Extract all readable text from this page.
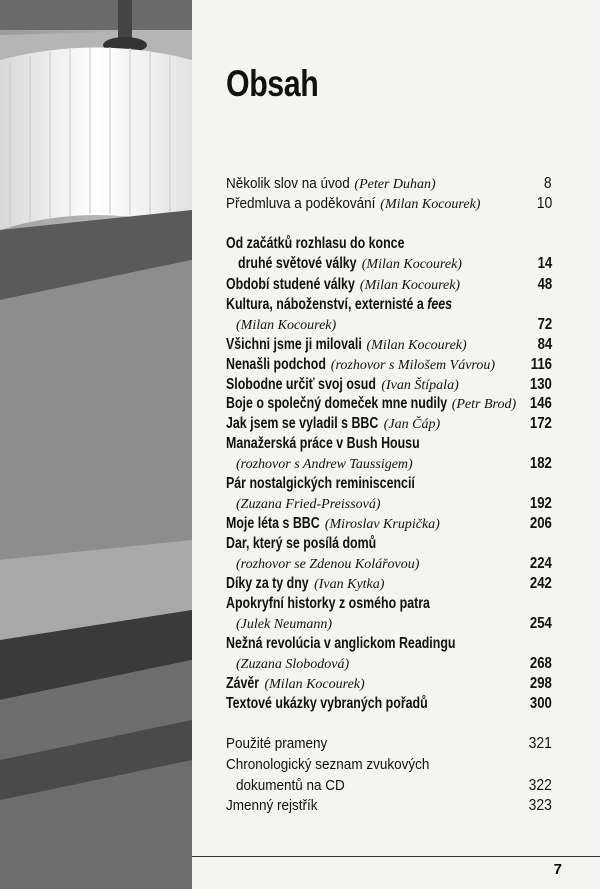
Obsah
Několik slov na úvod (Peter Duhan)	8
Předmluva a poděkování (Milan Kocourek)	10
Od začátků rozhlasu do konce
druhé světové války (Milan Kocourek)	14
Období studené války (Milan Kocourek)	48
Kultura, náboženství, externisté a fees
(Milan Kocourek)	72
Všichni jsme ji milovali (Milan Kocourek)	84
Nenašli podchod (rozhovor s Milošem Vávrou) 116
Slobodne určiť svoj osud (Ivan Štípala)	130
Boje o společný domeček mne nudily (Petr Brod) 146
Jak jsem se vyladil s BBC (Jan Čáp)	172
Manažerská práce v Bush Housu
(rozhovor s Andrew Taussigem)	182
Pár nostalgických reminiscencií
(Zuzana Fried-Preissová)	192
Moje léta s BBC (Miroslav Krupička)	206
Dar, který se posílá domů
(rozhovor se Zdenou Kolářovou)	224
Díky za ty dny (Ivan Kytka)	242
Apokryfní historky z osmého patra
(Julek Neumann)	254
Nežná revolúcia v anglickom Readingu
(Zuzana Slobodová)	268
Závěr (Milan Kocourek)	298
Textové ukázky vybraných pořadů	300
Použité prameny	321
Chronologický seznam zvukových
dokumentů na CD	322
Jmenný rejstřík	323
7
